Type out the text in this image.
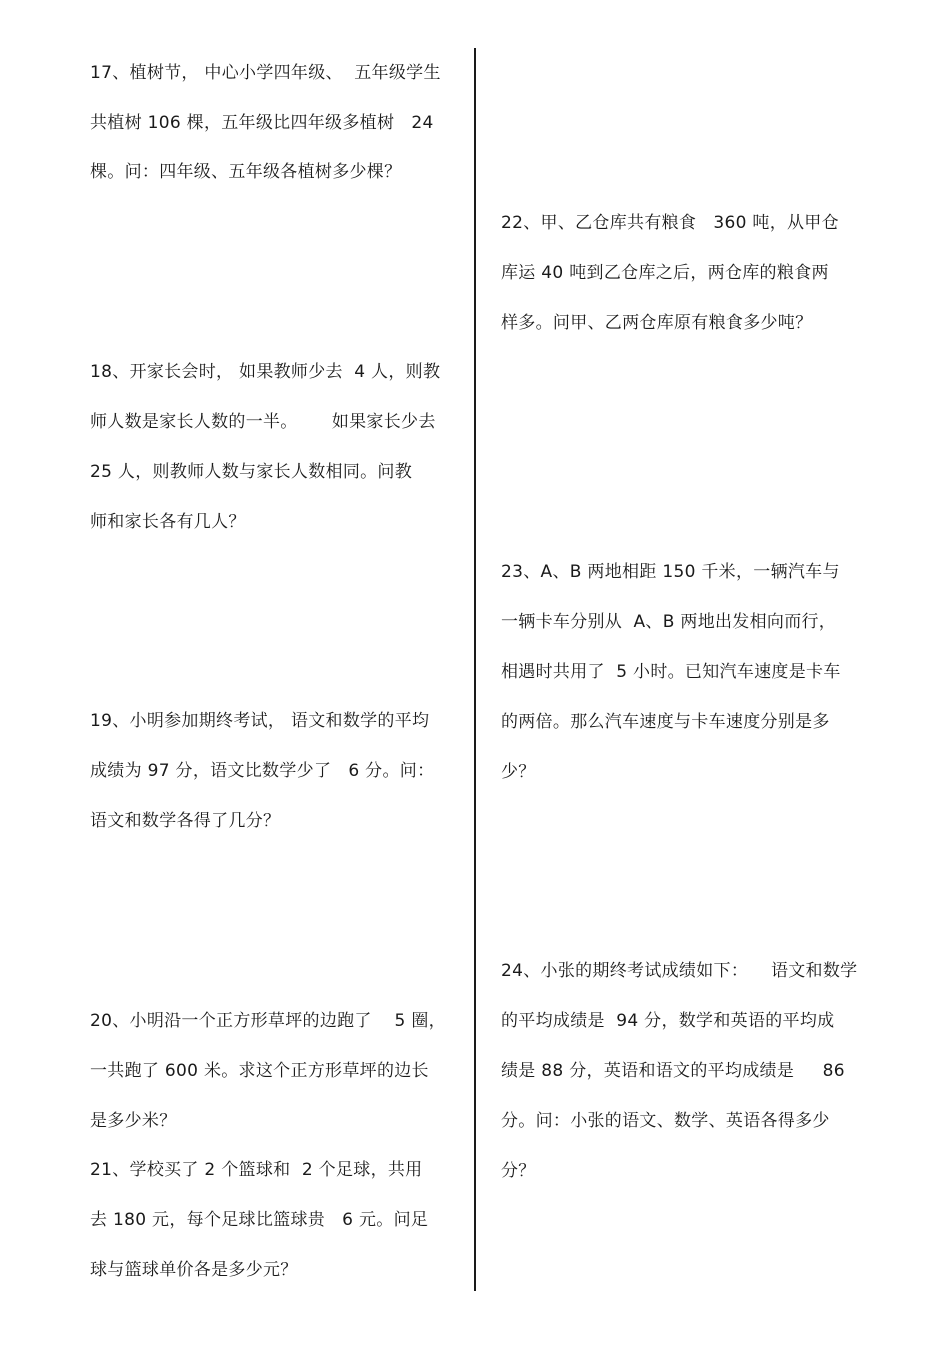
17、植树节， 中心小学四年级、  五年级学生
共植树 106 棵，五年级比四年级多植树   24
棵。问：四年级、五年级各植树多少棵？
18、开家长会时， 如果教师少去  4 人，则教
师人数是家长人数的一半。      如果家长少去
25 人，则教师人数与家长人数相同。问教
师和家长各有几人？
19、小明参加期终考试， 语文和数学的平均
成绩为 97 分，语文比数学少了   6 分。问：
语文和数学各得了几分？
20、小明沿一个正方形草坪的边跑了    5 圈，
一共跑了 600 米。求这个正方形草坪的边长
是多少米？
21、学校买了 2 个篮球和  2 个足球，共用
去 180 元，每个足球比篮球贵   6 元。问足
球与篮球单价各是多少元？
22、甲、乙仓库共有粮食   360 吨，从甲仓
库运 40 吨到乙仓库之后，两仓库的粮食两
样多。问甲、乙两仓库原有粮食多少吨？
23、A、B 两地相距 150 千米，一辆汽车与
一辆卡车分别从  A、B 两地出发相向而行，
相遇时共用了  5 小时。已知汽车速度是卡车
的两倍。那么汽车速度与卡车速度分别是多
少？
24、小张的期终考试成绩如下：    语文和数学
的平均成绩是  94 分，数学和英语的平均成
绩是 88 分，英语和语文的平均成绩是     86
分。问：小张的语文、数学、英语各得多少
分？
